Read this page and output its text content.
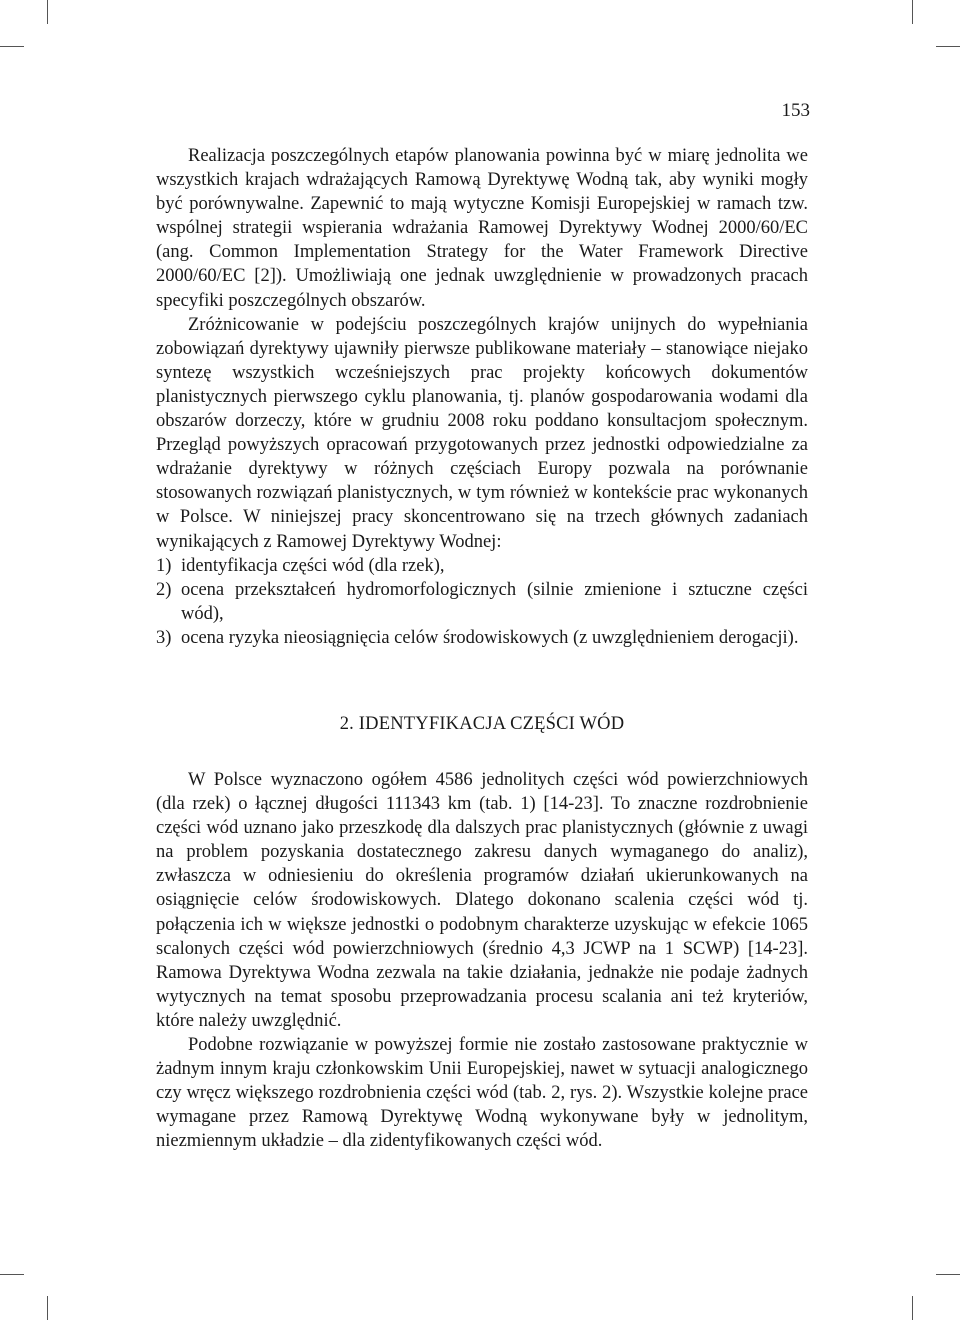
153

Realizacja poszczególnych etapów planowania powinna być w miarę jednolita we wszystkich krajach wdrażających Ramową Dyrektywę Wodną tak, aby wyniki mogły być porównywalne. Zapewnić to mają wytyczne Komisji Europejskiej w ramach tzw. wspólnej strategii wspierania wdrażania Ramowej Dyrektywy Wodnej 2000/60/EC (ang. Common Implementation Strategy for the Water Framework Directive 2000/60/EC [2]). Umożliwiają one jednak uwzględnienie w prowadzonych pracach specyfiki poszczególnych obszarów.

Zróżnicowanie w podejściu poszczególnych krajów unijnych do wypełniania zobowiązań dyrektywy ujawniły pierwsze publikowane materiały – stanowiące niejako syntezę wszystkich wcześniejszych prac projekty końcowych dokumentów planistycznych pierwszego cyklu planowania, tj. planów gospodarowania wodami dla obszarów dorzeczy, które w grudniu 2008 roku poddano konsultacjom społecznym. Przegląd powyższych opracowań przygotowanych przez jednostki odpowiedzialne za wdrażanie dyrektywy w różnych częściach Europy pozwala na porównanie stosowanych rozwiązań planistycznych, w tym również w kontekście prac wykonanych w Polsce. W niniejszej pracy skoncentrowano się na trzech głównych zadaniach wynikających z Ramowej Dyrektywy Wodnej:

1) identyfikacja części wód (dla rzek),
2) ocena przekształceń hydromorfologicznych (silnie zmienione i sztuczne części wód),
3) ocena ryzyka nieosiągnięcia celów środowiskowych (z uwzględnieniem derogacji).
2. IDENTYFIKACJA CZĘŚCI WÓD

W Polsce wyznaczono ogółem 4586 jednolitych części wód powierzchniowych (dla rzek) o łącznej długości 111343 km (tab. 1) [14-23]. To znaczne rozdrobnienie części wód uznano jako przeszkodę dla dalszych prac planistycznych (głównie z uwagi na problem pozyskania dostatecznego zakresu danych wymaganego do analiz), zwłaszcza w odniesieniu do określenia programów działań ukierunkowanych na osiągnięcie celów środowiskowych. Dlatego dokonano scalenia części wód tj. połączenia ich w większe jednostki o podobnym charakterze uzyskując w efekcie 1065 scalonych części wód powierzchniowych (średnio 4,3 JCWP na 1 SCWP) [14-23]. Ramowa Dyrektywa Wodna zezwala na takie działania, jednakże nie podaje żadnych wytycznych na temat sposobu przeprowadzania procesu scalania ani też kryteriów, które należy uwzględnić.

Podobne rozwiązanie w powyższej formie nie zostało zastosowane praktycznie w żadnym innym kraju członkowskim Unii Europejskiej, nawet w sytuacji analogicznego czy wręcz większego rozdrobnienia części wód (tab. 2, rys. 2). Wszystkie kolejne prace wymagane przez Ramową Dyrektywę Wodną wykonywane były w jednolitym, niezmiennym układzie – dla zidentyfikowanych części wód.
